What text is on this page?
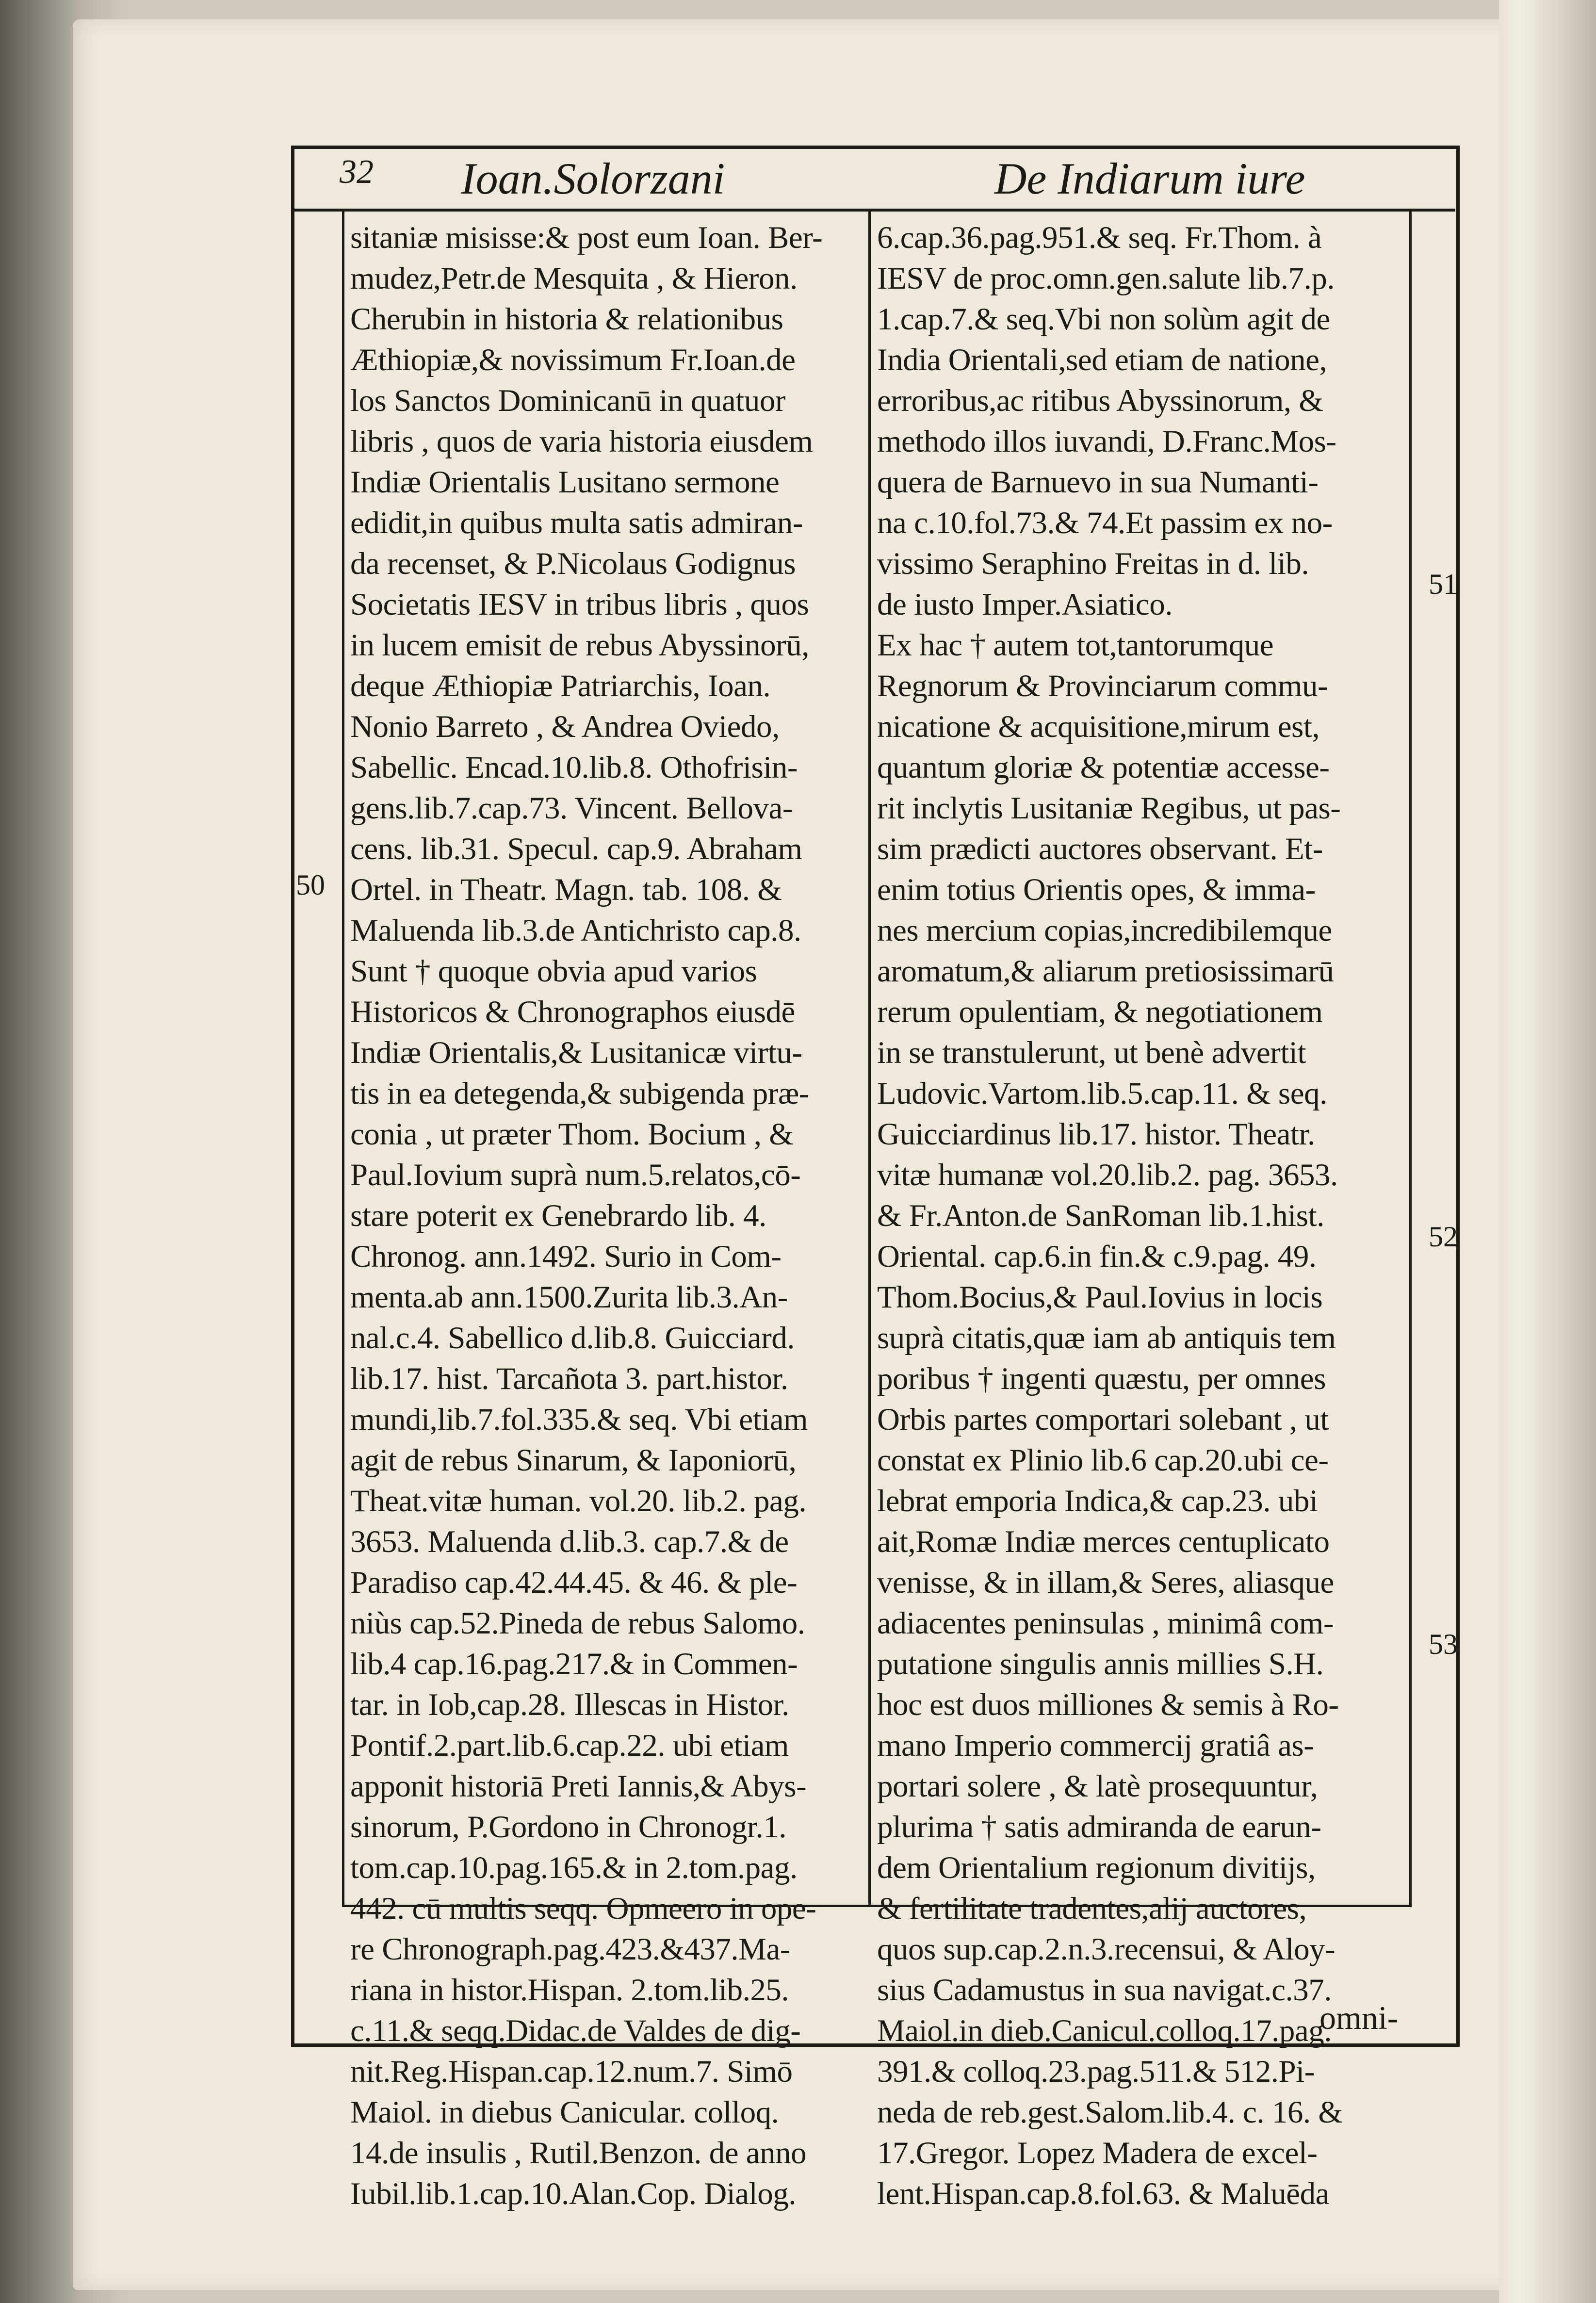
32 Ioan.Solorzani	De Indiarum iure
sitaniæ misisse:& post eum Ioan. Ber-
mudez,Petr.de Mesquita , & Hieron.
Cherubin in historia & relationibus
Æthiopiæ,& novissimum Fr.Ioan.de
los Sanctos Dominicanū in quatuor
libris , quos de varia historia eiusdem
Indiæ Orientalis Lusitano sermone
edidit,in quibus multa satis admiran-
da recenset, & P.Nicolaus Godignus
Societatis IESV in tribus libris , quos
in lucem emisit de rebus Abyssinorū,
deque Æthiopiæ Patriarchis, Ioan.
Nonio Barreto , & Andrea Oviedo,
Sabellic. Encad.10.lib.8. Othofrisin-
gens.lib.7.cap.73. Vincent. Bellova-
cens. lib.31. Specul. cap.9. Abraham
Ortel. in Theatr. Magn. tab. 108. &
Maluenda lib.3.de Antichristo cap.8.
Sunt † quoque obvia apud varios
Historicos & Chronographos eiusdē
Indiæ Orientalis,& Lusitanicæ virtu-
tis in ea detegenda,& subigenda præ-
conia , ut præter Thom. Bocium , &
Paul.Iovium suprà num.5.relatos,cō-
stare poterit ex Genebrardo lib. 4.
Chronog. ann.1492. Surio in Com-
menta.ab ann.1500.Zurita lib.3.An-
nal.c.4. Sabellico d.lib.8. Guicciard.
lib.17. hist. Tarcañota 3. part.histor.
mundi,lib.7.fol.335.& seq. Vbi etiam
agit de rebus Sinarum, & Iaponiorū,
Theat.vitæ human. vol.20. lib.2. pag.
3653. Maluenda d.lib.3. cap.7.& de
Paradiso cap.42.44.45. & 46. & ple-
niùs cap.52.Pineda de rebus Salomo.
lib.4 cap.16.pag.217.& in Commen-
tar. in Iob,cap.28. Illescas in Histor.
Pontif.2.part.lib.6.cap.22. ubi etiam
apponit historiā Preti Iannis,& Abys-
sinorum, P.Gordono in Chronogr.1.
tom.cap.10.pag.165.& in 2.tom.pag.
442. cū multis seqq. Opmeero in ope-
re Chronograph.pag.423.&437.Ma-
riana in histor.Hispan. 2.tom.lib.25.
c.11.& seqq.Didac.de Valdes de dig-
nit.Reg.Hispan.cap.12.num.7. Simō
Maiol. in diebus Canicular. colloq.
14.de insulis , Rutil.Benzon. de anno
Iubil.lib.1.cap.10.Alan.Cop. Dialog.
6.cap.36.pag.951.& seq. Fr.Thom. à
IESV de proc.omn.gen.salute lib.7.p.
1.cap.7.& seq.Vbi non solùm agit de
India Orientali,sed etiam de natione,
erroribus,ac ritibus Abyssinorum, &
methodo illos iuvandi, D.Franc.Mos-
quera de Barnuevo in sua Numanti-
na c.10.fol.73.& 74.Et passim ex no-
vissimo Seraphino Freitas in d. lib.
de iusto Imper.Asiatico.
Ex hac † autem tot,tantorumque
Regnorum & Provinciarum commu-
nicatione & acquisitione,mirum est,
quantum gloriæ & potentiæ accesse-
rit inclytis Lusitaniæ Regibus, ut pas-
sim prædicti auctores observant. Et-
enim totius Orientis opes, & imma-
nes mercium copias,incredibilemque
aromatum,& aliarum pretiosissimarū
rerum opulentiam, & negotiationem
in se transtulerunt, ut benè advertit
Ludovic.Vartom.lib.5.cap.11. & seq.
Guicciardinus lib.17. histor. Theatr.
vitæ humanæ vol.20.lib.2. pag. 3653.
& Fr.Anton.de SanRoman lib.1.hist.
Oriental. cap.6.in fin.& c.9.pag. 49.
Thom.Bocius,& Paul.Iovius in locis
suprà citatis,quæ iam ab antiquis tem
poribus † ingenti quæstu, per omnes
Orbis partes comportari solebant , ut
constat ex Plinio lib.6 cap.20.ubi ce-
lebrat emporia Indica,& cap.23. ubi
ait,Romæ Indiæ merces centuplicato
venisse, & in illam,& Seres, aliasque
adiacentes peninsulas , minimâ com-
putatione singulis annis millies S.H.
hoc est duos milliones & semis à Ro-
mano Imperio commercij gratiâ as-
portari solere , & latè prosequuntur,
plurima † satis admiranda de earun-
dem Orientalium regionum divitijs,
& fertilitate tradentes,alij auctores,
quos sup.cap.2.n.3.recensui, & Aloy-
sius Cadamustus in sua navigat.c.37.
Maiol.in dieb.Canicul.colloq.17.pag.
391.& colloq.23.pag.511.& 512.Pi-
neda de reb.gest.Salom.lib.4. c. 16. &
17.Gregor. Lopez Madera de excel-
lent.Hispan.cap.8.fol.63. & Maluēda
50
51
52
53
omni-
